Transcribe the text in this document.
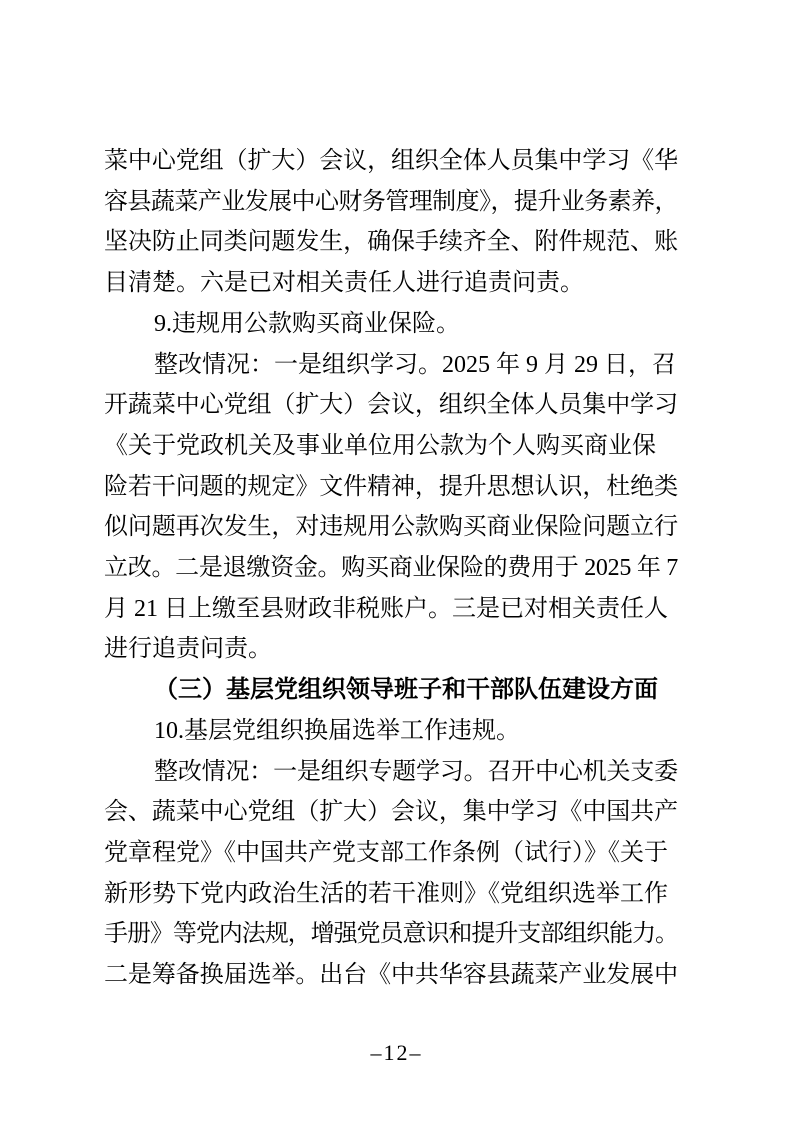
菜中心党组（扩大）会议，组织全体人员集中学习《华
容县蔬菜产业发展中心财务管理制度》，提升业务素养，
坚决防止同类问题发生，确保手续齐全、附件规范、账
目清楚。六是已对相关责任人进行追责问责。
9.违规用公款购买商业保险。
整改情况：一是组织学习。2025 年 9 月 29 日，召
开蔬菜中心党组（扩大）会议，组织全体人员集中学习
《关于党政机关及事业单位用公款为个人购买商业保
险若干问题的规定》文件精神，提升思想认识，杜绝类
似问题再次发生，对违规用公款购买商业保险问题立行
立改。二是退缴资金。购买商业保险的费用于 2025 年 7
月 21 日上缴至县财政非税账户。三是已对相关责任人
进行追责问责。
（三）基层党组织领导班子和干部队伍建设方面
10.基层党组织换届选举工作违规。
整改情况：一是组织专题学习。召开中心机关支委
会、蔬菜中心党组（扩大）会议，集中学习《中国共产
党章程党》《中国共产党支部工作条例（试行）》《关于
新形势下党内政治生活的若干准则》《党组织选举工作
手册》等党内法规，增强党员意识和提升支部组织能力。
二是筹备换届选举。出台《中共华容县蔬菜产业发展中
–12–
